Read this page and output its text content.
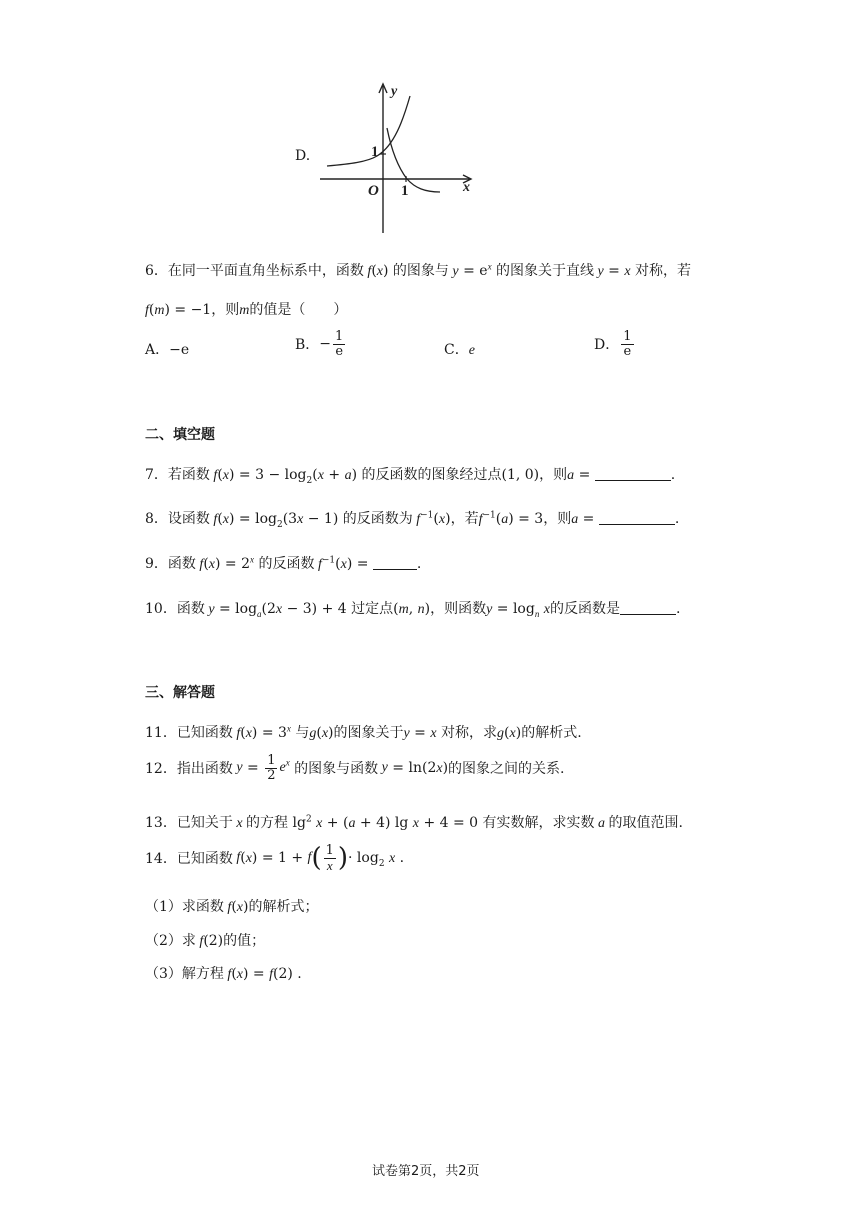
D.
y
x
O 1
1
6．在同一平面直角坐标系中，函数 f(x) 的图象与 $y = e^x$ 的图象关于直线 y = x 对称，若
f(m) = −1，则m的值是（　　）
A．−e	B．− $\frac{1}{e}$	C．e	D． $\frac{1}{e}$
二、填空题
7．若函数 $f(x) = 3 - \log_2(x + a)$ 的反函数的图象经过点(1, 0)，则a =	.
8．设函数 $f(x) = \log_2(3x - 1)$ 的反函数为 $f^{-1}(x)$，若$f^{-1}(a) = 3$，则a =	.
9．函数 $f(x) = 2^x$ 的反函数 $f^{-1}(x)$ =	.
10．函数 $y = \log_a(2x - 3) + 4$ 过定点(m, n)，则函数$y = \log_n x$的反函数是	.
三、解答题
11．已知函数 $f(x) = 3^x$ 与g(x)的图象关于y = x 对称，求g(x)的解析式.
12．指出函数 $y = \frac{1}{2} e^x$ 的图象与函数 y = ln(2x)的图象之间的关系.
13．已知关于 x 的方程 $\lg^2 x + (a + 4)$ lg x + 4 = 0 有实数解，求实数 a 的取值范围.
14．已知函数 $f(x) = 1 + f( \frac{1}{x}$ )· $\log_2 x$ .
（1）求函数 f(x)的解析式；
（2）求 f(2)的值；
（3）解方程 f(x) = f(2) .
试卷第2页，共2页
